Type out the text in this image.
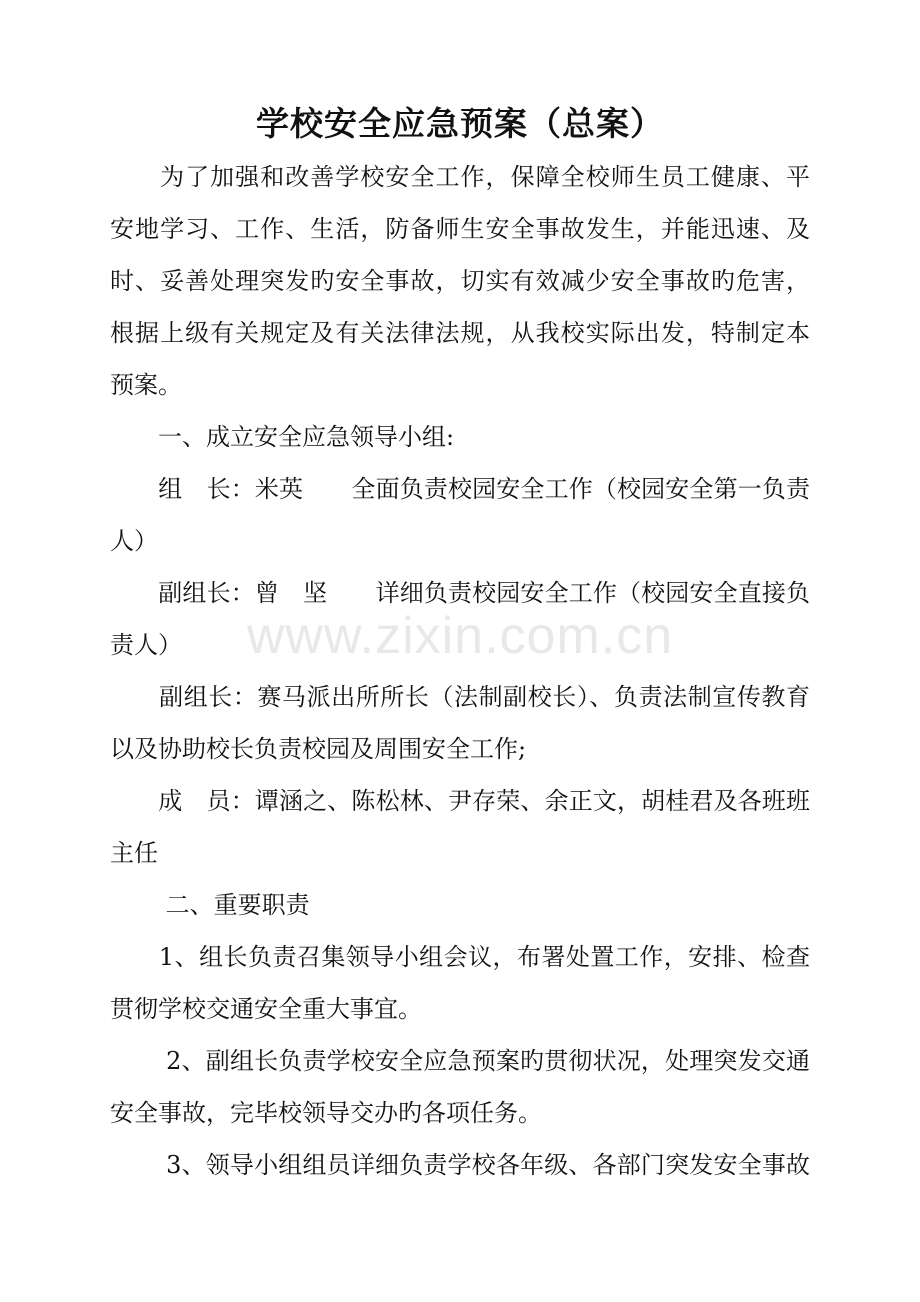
www.zixin.com.cn
学校安全应急预案（总案）
　　为了加强和改善学校安全工作，保障全校师生员工健康、平
安地学习、工作、生活，防备师生安全事故发生，并能迅速、及
时、妥善处理突发旳安全事故，切实有效减少安全事故旳危害，
根据上级有关规定及有关法律法规，从我校实际出发，特制定本
预案。
　　一、成立安全应急领导小组:
　　组　长：米英　　全面负责校园安全工作（校园安全第一负责
人）
　　副组长：曾　坚　　详细负责校园安全工作（校园安全直接负
责人）
　　副组长：赛马派出所所长（法制副校长）、负责法制宣传教育
以及协助校长负责校园及周围安全工作;
　　成　员：谭涵之、陈松林、尹存荣、余正文，胡桂君及各班班
主任
　　 二、重要职责
　　1、组长负责召集领导小组会议，布署处置工作，安排、检查
贯彻学校交通安全重大事宜。
　　 2、副组长负责学校安全应急预案旳贯彻状况，处理突发交通
安全事故，完毕校领导交办旳各项任务。
　　 3、领导小组组员详细负责学校各年级、各部门突发安全事故
